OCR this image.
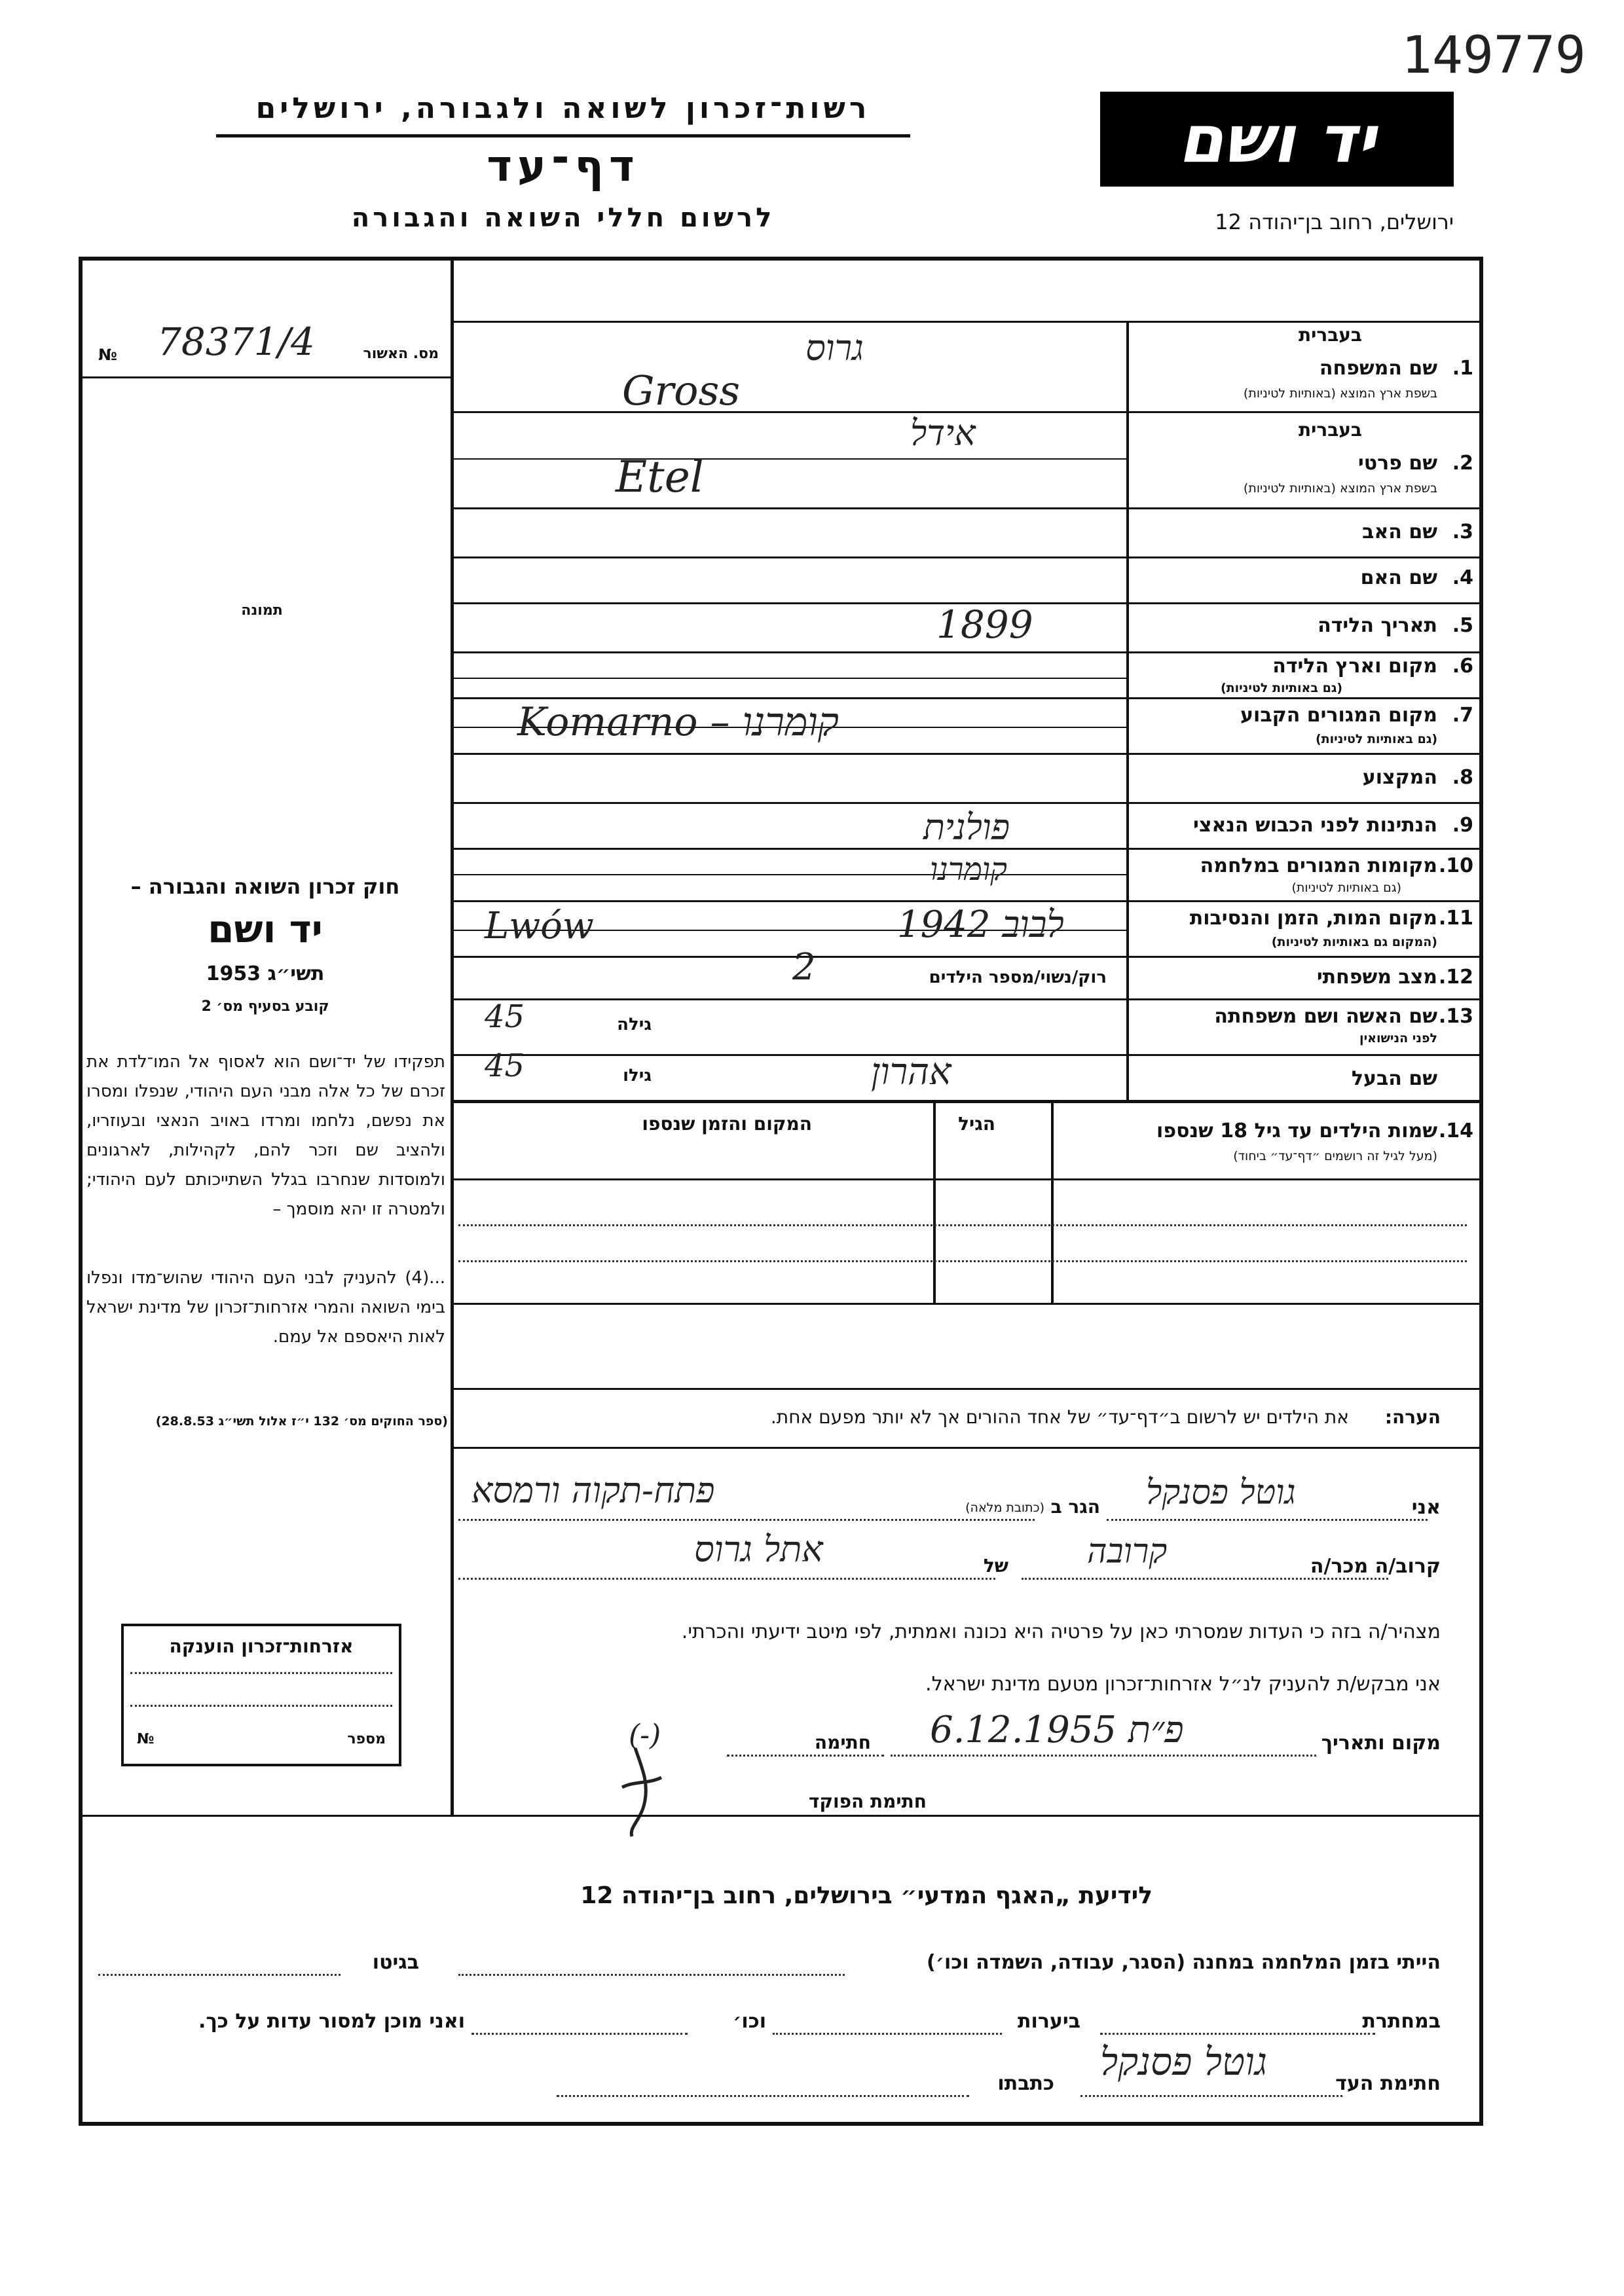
149779
רשות־זכרון לשואה ולגבורה, ירושלים
דף־עד
לרשום חללי השואה והגבורה
יד ושם
ירושלים, רחוב בן־יהודה 12
מס. האשור
78371/4
№
תמונה
חוק זכרון השואה והגבורה –
יד ושם
תשי״ג 1953
קובע בסעיף מס׳ 2
תפקידו של יד־ושם הוא לאסוף אל המו־לדת את זכרם של כל אלה מבני העם היהודי, שנפלו ומסרו את נפשם, נלחמו ומרדו באויב הנאצי ובעוזריו, ולהציב שם וזכר להם, לקהילות, לארגונים ולמוסדות שנחרבו בגלל השתייכותם לעם היהודי; ולמטרה זו יהא מוסמך –
...(4) להעניק לבני העם היהודי שהוש־מדו ונפלו בימי השואה והמרי אזרחות־זכרון של מדינת ישראל לאות היאספם אל עמם.
(ספר החוקים מס׳ 132 י״ז אלול תשי״ג 28.8.53)
אזרחות־זכרון הוענקה
מספר
№
בעברית
1.
שם המשפחה
בשפת ארץ המוצא (באותיות לטיניות)
בעברית
2.
שם פרטי
בשפת ארץ המוצא (באותיות לטיניות)
3.
שם האב
4.
שם האם
5.
תאריך הלידה
6.
מקום וארץ הלידה
(גם באותיות לטיניות)
7.
מקום המגורים הקבוע
(גם באותיות לטיניות)
8.
המקצוע
9.
הנתינות לפני הכבוש הנאצי
10.
מקומות המגורים במלחמה
(גם באותיות לטיניות)
11.
מקום המות, הזמן והנסיבות
(המקום גם באותיות לטיניות)
12.
מצב משפחתי
רוק/נשוי/מספר הילדים
13.
שם האשה ושם משפחתה
לפני הנישואין
גילה
שם הבעל
גילו
גרוס
Gross
אידל
Etel
1899
Komarno – קומרנו
פולנית
קומרנו
Lwów	לבוב 1942
2
45
45	אהרון
14.
שמות הילדים עד גיל 18 שנספו
(מעל לגיל זה רושמים ״דף־עד״ ביחוד)
הגיל
המקום והזמן שנספו
הערה:
את הילדים יש לרשום ב״דף־עד״ של אחד ההורים אך לא יותר מפעם אחת.
אני
גוטל פסנקל
הגר ב
(כתובת מלאה)
פתח-תקוה ורמסא
קרוב/ה מכר/ה
קרובה
של
אתל גרוס
מצהיר/ה בזה כי העדות שמסרתי כאן על פרטיה היא נכונה ואמתית, לפי מיטב ידיעתי והכרתי.
אני מבקש/ת להעניק לנ״ל אזרחות־זכרון מטעם מדינת ישראל.
מקום ותאריך
פ״ת 6.12.1955
חתימה
(-)
חתימת הפוקד
לידיעת „האגף המדעי״ בירושלים, רחוב בן־יהודה 12
הייתי בזמן המלחמה במחנה (הסגר, עבודה, השמדה וכו׳)
בגיטו
במחתרת
ביערות
וכו׳
ואני מוכן למסור עדות על כך.
חתימת העד
גוטל פסנקל
כתבתו
